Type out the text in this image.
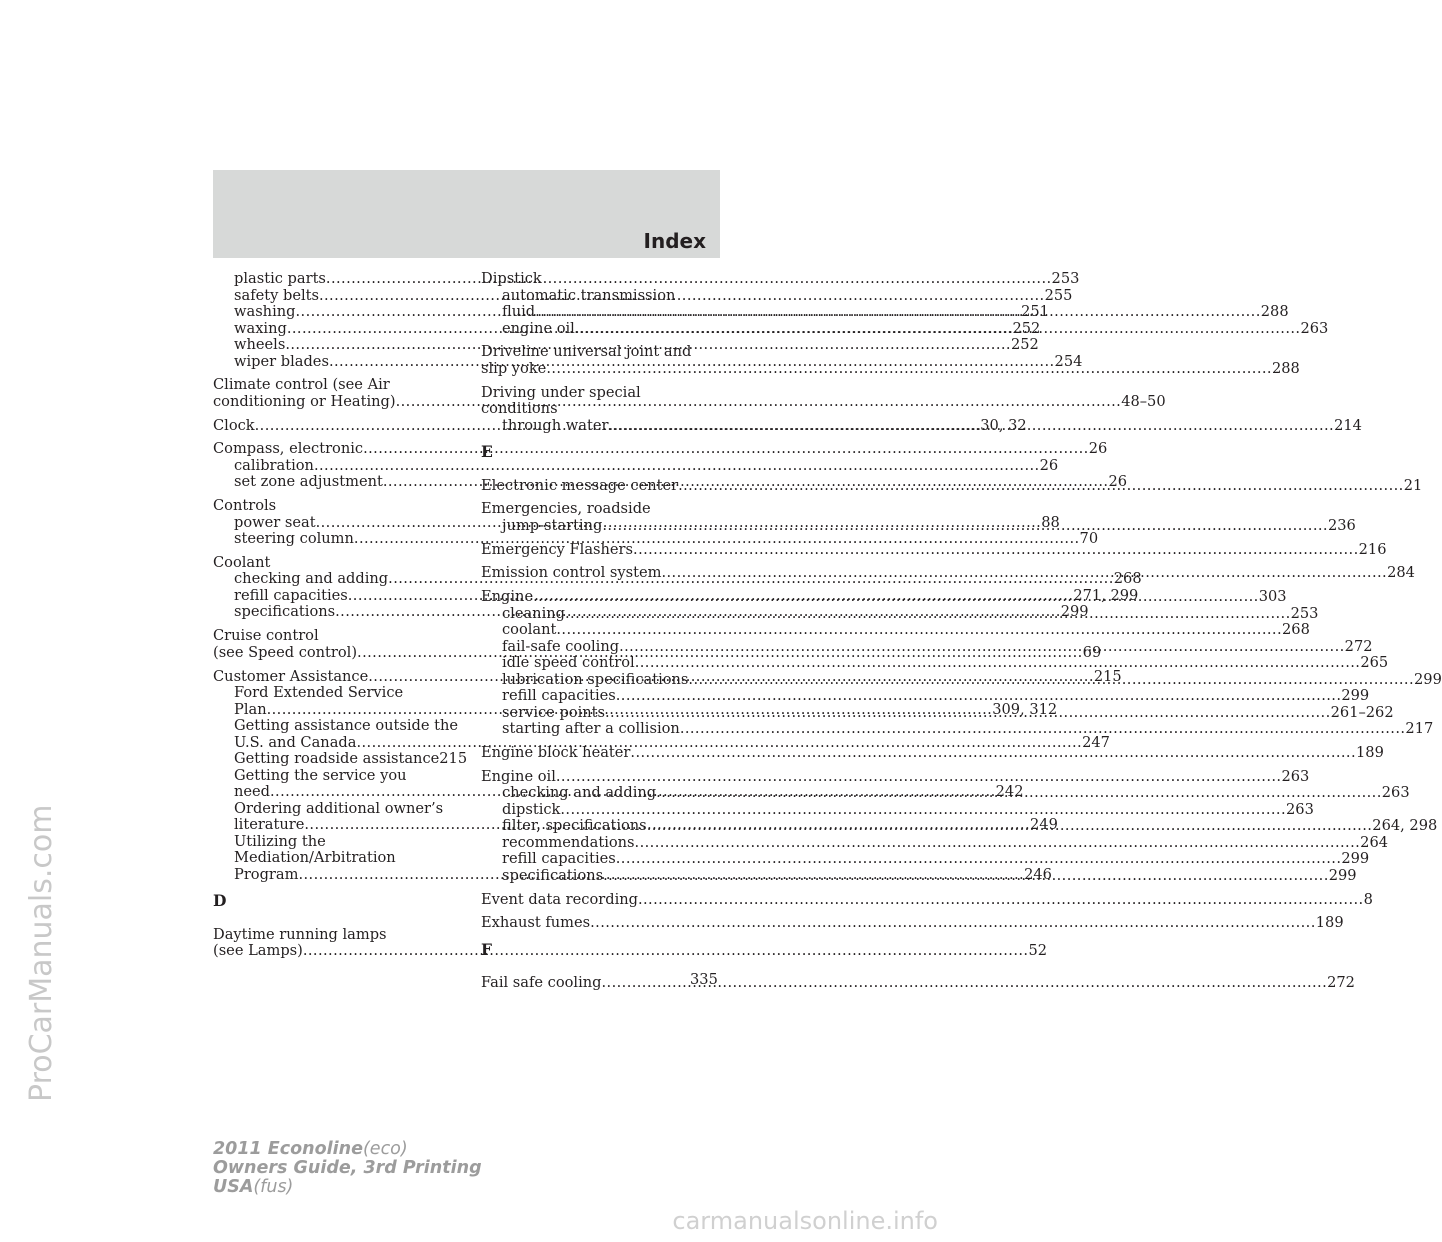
ProCarManuals.com
Index
plastic parts .....	253
safety belts .....	255
washing .....	251
waxing .....	252
wheels .....	252
wiper blades .....	254
Climate control (see Air
conditioning or Heating) .....	48–50
Clock .....	30, 32
Compass, electronic .....	26
calibration .....	26
set zone adjustment .....	26
Controls
power seat .....	88
steering column .....	70
Coolant
checking and adding .....	268
refill capacities .....	271, 299
specifications .....	299
Cruise control
(see Speed control) .....	69
Customer Assistance .....	215
Ford Extended Service
Plan .....	309, 312
Getting assistance outside the
U.S. and Canada .....	247
Getting roadside assistance 215
Getting the service you
need .....	242
Ordering additional owner’s
literature .....	249
Utilizing the
Mediation/Arbitration
Program .....	246
D
Daytime running lamps
(see Lamps) .....	52
Dipstick
automatic transmission
fluid .....	288
engine oil .....	263
Driveline universal joint and
slip yoke .....	288
Driving under special
conditions
through water .....	214
E
Electronic message center .....	21
Emergencies, roadside
jump-starting .....	236
Emergency Flashers .....	216
Emission control system .....	284
Engine .....	303
cleaning .....	253
coolant .....	268
fail-safe cooling .....	272
idle speed control .....	265
lubrication specifications .....	299
refill capacities .....	299
service points .....	261–262
starting after a collision .....	217
Engine block heater .....	189
Engine oil .....	263
checking and adding .....	263
dipstick .....	263
filter, specifications .....	264, 298
recommendations .....	264
refill capacities .....	299
specifications .....	299
Event data recording .....	8
Exhaust fumes .....	189
F
Fail safe cooling .....	272
335
2011 Econoline(eco)
Owners Guide, 3rd Printing
USA(fus)
carmanualsonline.info
